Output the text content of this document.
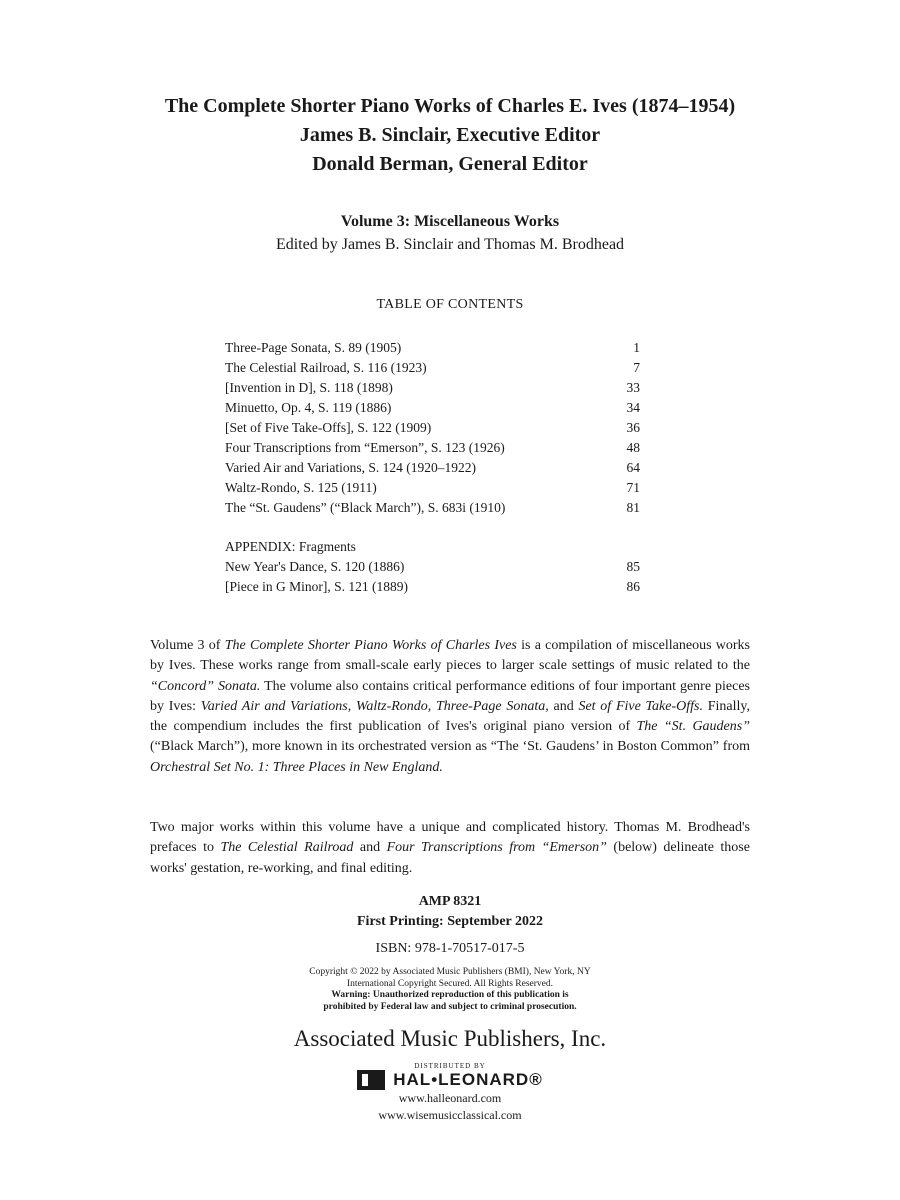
The Complete Shorter Piano Works of Charles E. Ives (1874–1954)
James B. Sinclair, Executive Editor
Donald Berman, General Editor
Volume 3: Miscellaneous Works
Edited by James B. Sinclair and Thomas M. Brodhead
TABLE OF CONTENTS
Three-Page Sonata, S. 89 (1905)	1
The Celestial Railroad, S. 116 (1923)	7
[Invention in D], S. 118 (1898)	33
Minuetto, Op. 4, S. 119 (1886)	34
[Set of Five Take-Offs], S. 122 (1909)	36
Four Transcriptions from “Emerson”, S. 123 (1926)	48
Varied Air and Variations, S. 124 (1920–1922)	64
Waltz-Rondo, S. 125 (1911)	71
The “St. Gaudens” (“Black March”), S. 683i (1910)	81
APPENDIX: Fragments
New Year's Dance, S. 120 (1886)	85
[Piece in G Minor], S. 121 (1889)	86
Volume 3 of The Complete Shorter Piano Works of Charles Ives is a compilation of miscellaneous works by Ives. These works range from small-scale early pieces to larger scale settings of music related to the “Concord” Sonata. The volume also contains critical performance editions of four important genre pieces by Ives: Varied Air and Variations, Waltz-Rondo, Three-Page Sonata, and Set of Five Take-Offs. Finally, the compendium includes the first publication of Ives's original piano version of The “St. Gaudens” (“Black March”), more known in its orchestrated version as “The ‘St. Gaudens’ in Boston Common” from Orchestral Set No. 1: Three Places in New England.
Two major works within this volume have a unique and complicated history. Thomas M. Brodhead's prefaces to The Celestial Railroad and Four Transcriptions from “Emerson” (below) delineate those works' gestation, re-working, and final editing.
AMP 8321
First Printing: September 2022
ISBN: 978-1-70517-017-5
Copyright © 2022 by Associated Music Publishers (BMI), New York, NY
International Copyright Secured. All Rights Reserved.
Warning: Unauthorized reproduction of this publication is
prohibited by Federal law and subject to criminal prosecution.
Associated Music Publishers, Inc.
DISTRIBUTED BY
HAL•LEONARD®
www.halleonard.com
www.wisemusicclassical.com
